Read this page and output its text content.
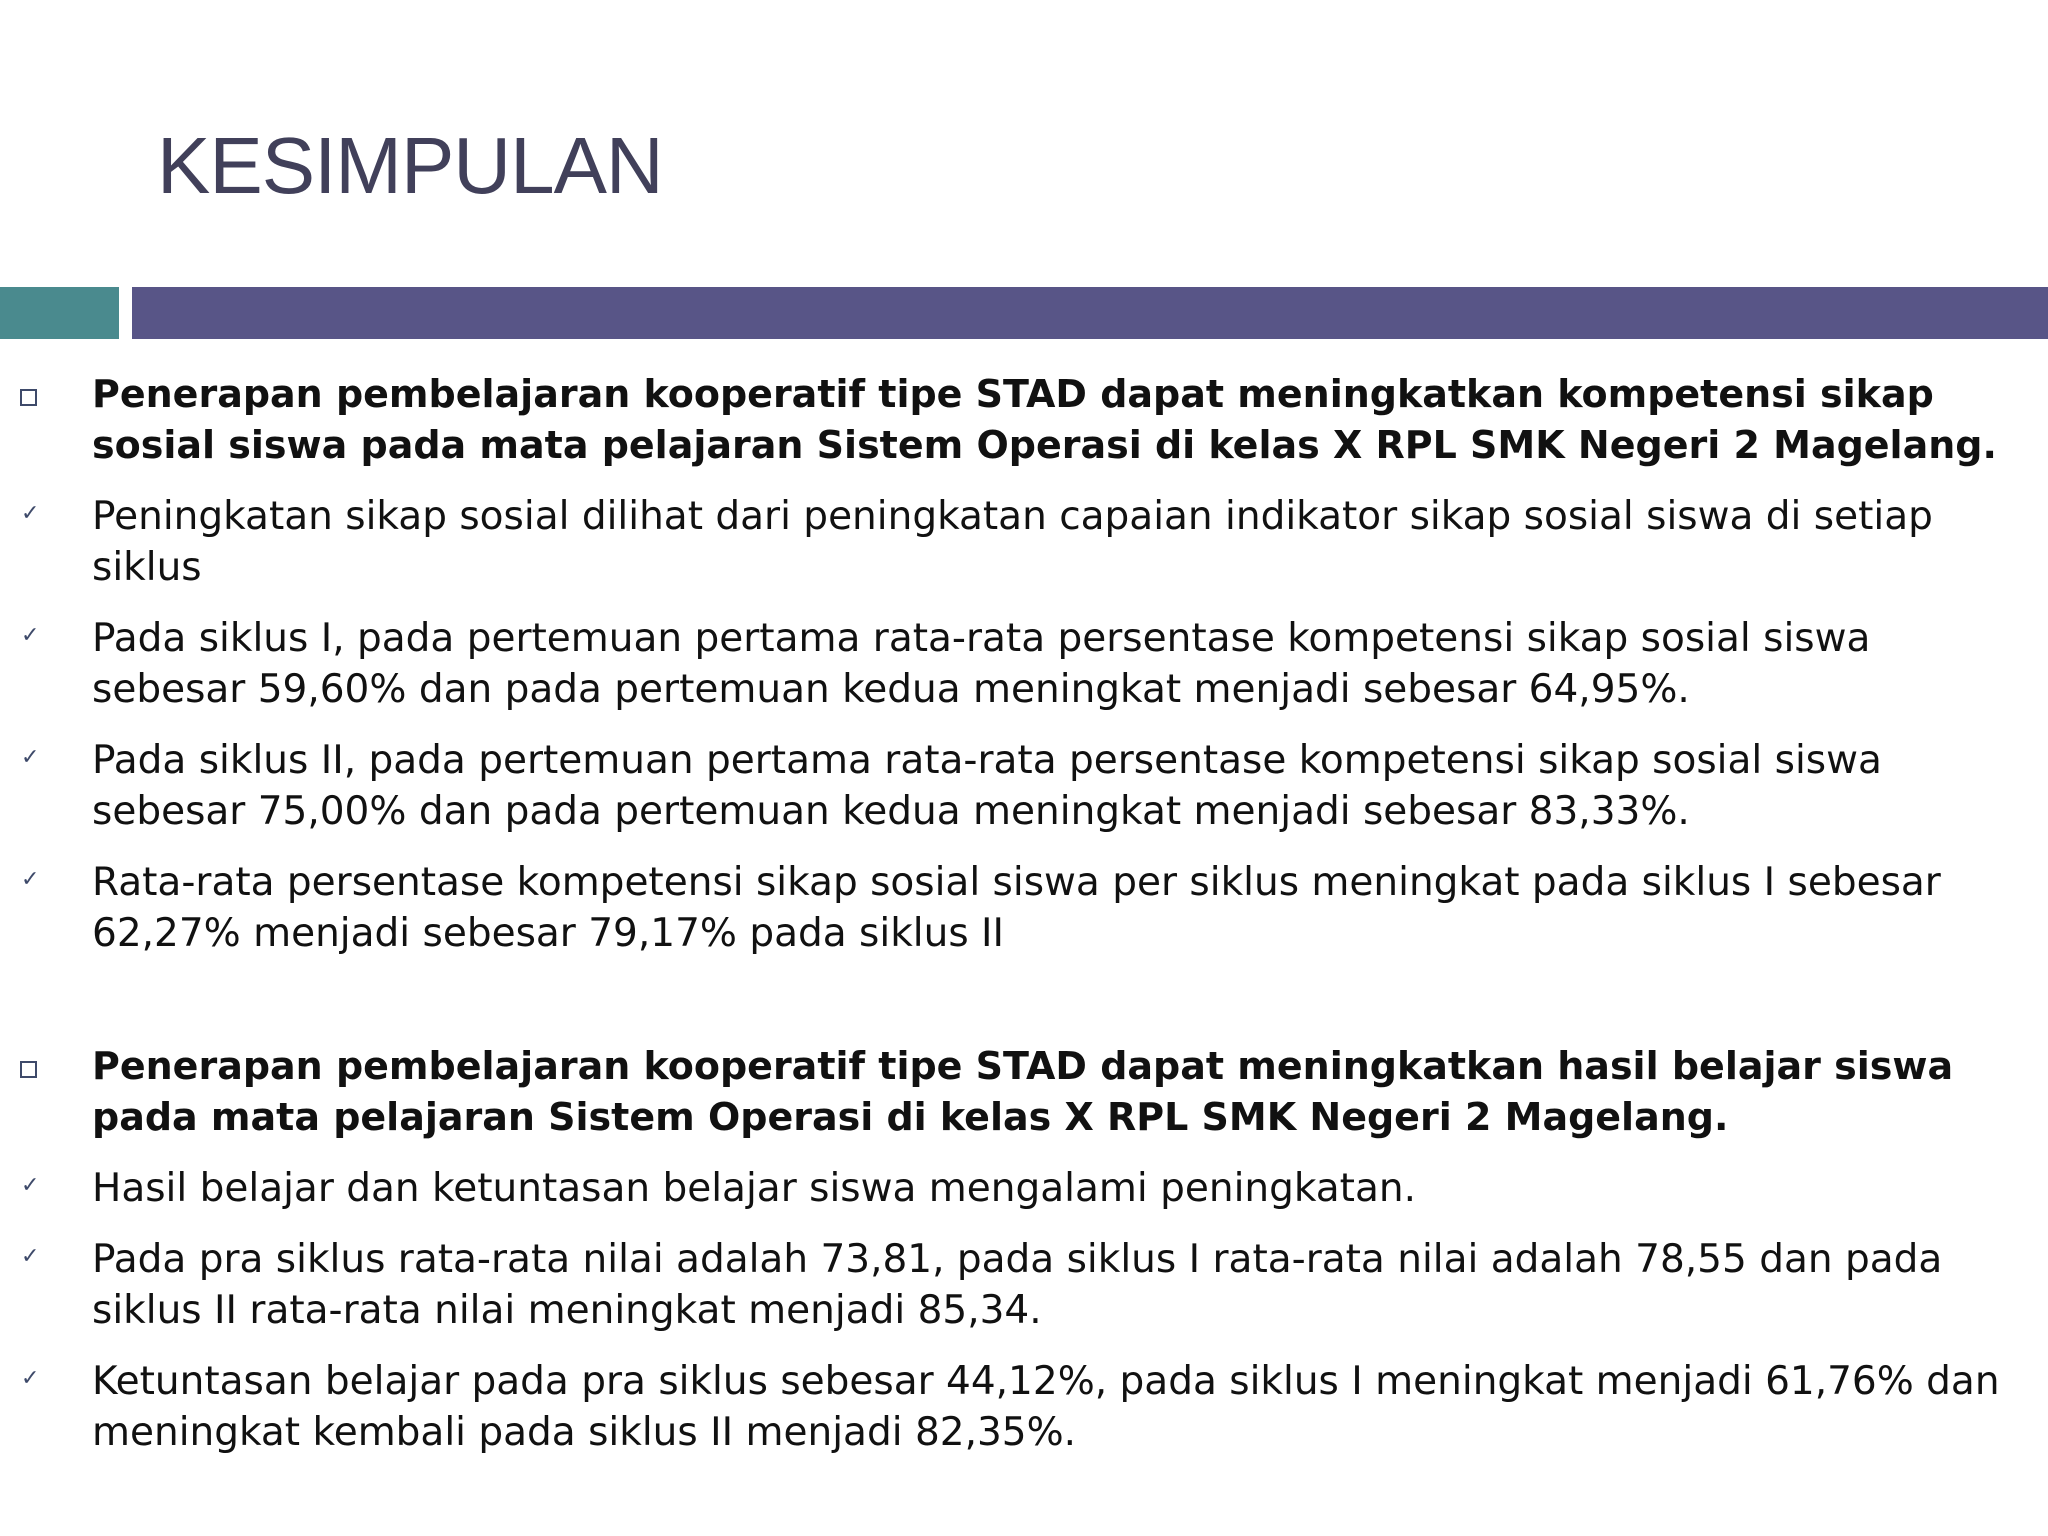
KESIMPULAN
Penerapan pembelajaran kooperatif tipe STAD dapat meningkatkan kompetensi sikap sosial siswa pada mata pelajaran Sistem Operasi di kelas X RPL SMK Negeri 2 Magelang.
✓ Peningkatan sikap sosial dilihat dari peningkatan capaian indikator sikap sosial siswa di setiap siklus
✓ Pada siklus I, pada pertemuan pertama rata-rata persentase kompetensi sikap sosial siswa sebesar 59,60% dan pada pertemuan kedua meningkat menjadi sebesar 64,95%.
✓ Pada siklus II, pada pertemuan pertama rata-rata persentase kompetensi sikap sosial siswa sebesar 75,00% dan pada pertemuan kedua meningkat menjadi sebesar 83,33%.
✓ Rata-rata persentase kompetensi sikap sosial siswa per siklus meningkat pada siklus I sebesar 62,27% menjadi sebesar 79,17% pada siklus II
Penerapan pembelajaran kooperatif tipe STAD dapat meningkatkan hasil belajar siswa pada mata pelajaran Sistem Operasi di kelas X RPL SMK Negeri 2 Magelang.
✓ Hasil belajar dan ketuntasan belajar siswa mengalami peningkatan.
✓ Pada pra siklus rata-rata nilai adalah 73,81, pada siklus I rata-rata nilai adalah 78,55 dan pada siklus II rata-rata nilai meningkat menjadi 85,34.
✓ Ketuntasan belajar pada pra siklus sebesar 44,12%, pada siklus I meningkat menjadi 61,76% dan meningkat kembali pada siklus II menjadi 82,35%.
